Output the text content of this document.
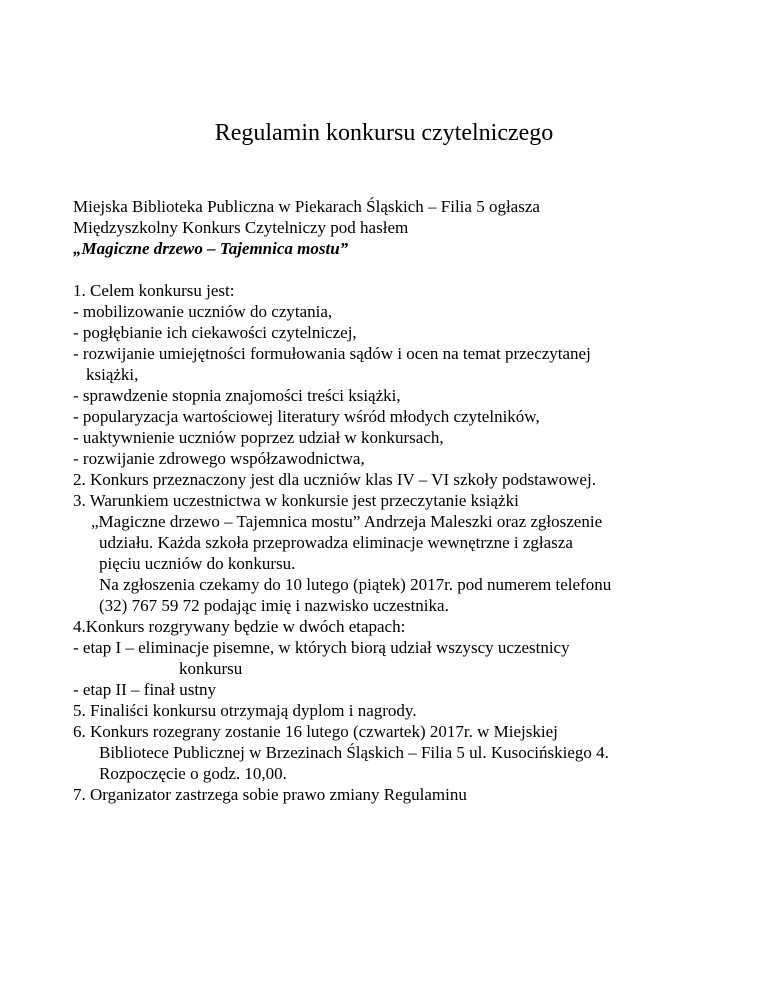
Regulamin konkursu czytelniczego
Miejska Biblioteka Publiczna w Piekarach Śląskich – Filia 5 ogłasza
Międzyszkolny Konkurs Czytelniczy pod hasłem
„Magiczne drzewo – Tajemnica mostu”
1. Celem konkursu jest:
- mobilizowanie uczniów do czytania,
- pogłębianie ich ciekawości czytelniczej,
- rozwijanie umiejętności formułowania sądów i ocen na temat przeczytanej
książki,
- sprawdzenie stopnia znajomości treści książki,
- popularyzacja wartościowej literatury wśród młodych czytelników,
- uaktywnienie uczniów poprzez udział w konkursach,
- rozwijanie zdrowego współzawodnictwa,
2. Konkurs przeznaczony jest dla uczniów klas IV – VI szkoły podstawowej.
3. Warunkiem uczestnictwa w konkursie jest przeczytanie książki
„Magiczne drzewo – Tajemnica mostu” Andrzeja Maleszki oraz zgłoszenie
udziału. Każda szkoła przeprowadza eliminacje wewnętrzne i zgłasza
pięciu uczniów do konkursu.
Na zgłoszenia czekamy do 10 lutego (piątek) 2017r. pod numerem telefonu
(32) 767 59 72 podając imię i nazwisko uczestnika.
4.Konkurs rozgrywany będzie w dwóch etapach:
- etap I – eliminacje pisemne, w których biorą udział wszyscy uczestnicy
konkursu
- etap II – finał ustny
5. Finaliści konkursu otrzymają dyplom i nagrody.
6. Konkurs rozegrany zostanie 16 lutego (czwartek) 2017r. w Miejskiej
Bibliotece Publicznej w Brzezinach Śląskich – Filia 5 ul. Kusocińskiego 4.
Rozpoczęcie o godz. 10,00.
7. Organizator zastrzega sobie prawo zmiany Regulaminu
